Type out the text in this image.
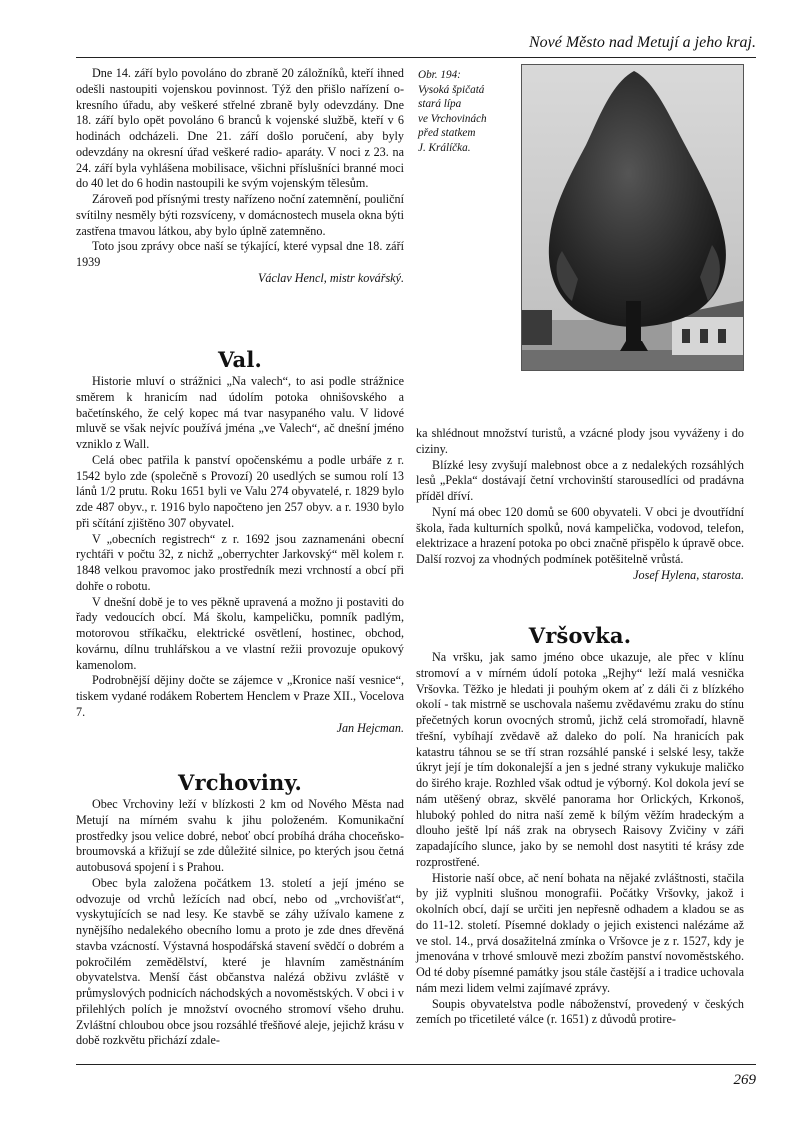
Nové Město nad Metují a jeho kraj.
Obr. 194:
Vysoká špičatá
stará lípa
ve Vrchovinách
před statkem
J. Králíčka.

Dne 14. září bylo povoláno do zbraně 20 záložníků, kteří ihned odešli nastoupiti vojenskou povinnost. Týž den přišlo nařízení o- kresního úřadu, aby veškeré střelné zbraně byly odevzdány. Dne 18. září bylo opět povoláno 6 branců k vojenské službě, kteří v 6 hodinách odcházeli. Dne 21. září došlo poručení, aby byly odevzdány na okresní úřad veškeré radio- aparáty. V noci z 23. na 24. září byla vyhlášena mobilisace, všichni příslušníci branné moci do 40 let do 6 hodin nastoupili ke svým vojenským tělesům.

Zároveň pod přísnými tresty nařízeno noční zatemnění, pouliční svítilny nesměly býti rozsvíceny, v domácnostech musela okna býti zastřena tmavou látkou, aby bylo úplně zatemněno.

Toto jsou zprávy obce naší se týkající, které vypsal dne 18. září 1939

Václav Hencl, mistr kovářský.

Val.

Historie mluví o strážnici „Na valech“, to asi podle strážnice směrem k hranicím nad údolím potoka ohnišovského a bačetínského, že celý kopec má tvar nasypaného valu. V lidové mluvě se však nejvíc používá jména „ve Valech“, ač dnešní jméno vzniklo z Wall.

Celá obec patřila k panství opočenskému a podle urbáře z r. 1542 bylo zde (společně s Provozí) 20 usedlých se sumou rolí 13 lánů 1/2 prutu. Roku 1651 byli ve Valu 274 obyvatelé, r. 1829 bylo zde 487 obyv., r. 1916 bylo napočteno jen 257 obyv. a r. 1930 bylo při sčítání zjištěno 307 obyvatel.

V „obecních registrech“ z r. 1692 jsou zaznamenáni obecní rychtáři v počtu 32, z nichž „oberrychter Jarkovský“ měl kolem r. 1848 velkou pravomoc jako prostředník mezi vrchností a obcí při dohře o robotu.

V dnešní době je to ves pěkně upravená a možno ji postaviti do řady vedoucích obcí. Má školu, kampeličku, pomník padlým, motorovou stříkačku, elektrické osvětlení, hostinec, obchod, kovárnu, dílnu truhlářskou a ve vlastní režii provozuje opukový kamenolom.

Podrobnější dějiny dočte se zájemce v „Kronice naší vesnice“, tiskem vydané rodákem Robertem Henclem v Praze XII., Vocelova 7.

Jan Hejcman.

Vrchoviny.

Obec Vrchoviny leží v blízkosti 2 km od Nového Města nad Metují na mírném svahu k jihu položeném. Komunikační prostředky jsou velice dobré, neboť obcí probíhá dráha choceňsko-broumovská a křižují se zde důležité silnice, po kterých jsou četná autobusová spojení i s Prahou.

Obec byla založena počátkem 13. století a její jméno se odvozuje od vrchů ležících nad obcí, nebo od „vrchovišťat“, vyskytujících se nad lesy. Ke stavbě se záhy užívalo kamene z nynějšího nedalekého obecního lomu a proto je zde dnes dřevěná stavba vzácností. Výstavná hospodářská stavení svědčí o dobrém a pokročilém zemědělství, které je hlavním zaměstnáním obyvatelstva. Menší část občanstva nalézá obživu zvláště v průmyslových podnicích náchodských a novoměstských. V obci i v přilehlých polích je množství ovocného stromoví všeho druhu. Zvláštní chloubou obce jsou rozsáhlé třešňové aleje, jejichž krásu v době rozkvětu přichází zdale-

ka shlédnout množství turistů, a vzácné plody jsou vyváženy i do ciziny.

Blízké lesy zvyšují malebnost obce a z nedalekých rozsáhlých lesů „Pekla“ dostávají četní vrchovinští starousedlíci od pradávna příděl dříví.

Nyní má obec 120 domů se 600 obyvateli. V obci je dvoutřídní škola, řada kulturních spolků, nová kampelička, vodovod, telefon, elektrizace a hrazení potoka po obci značně přispělo k úpravě obce. Další rozvoj za vhodných podmínek potěšitelně vrůstá.

Josef Hylena, starosta.

Vršovka.

Na vršku, jak samo jméno obce ukazuje, ale přec v klínu stromoví a v mírném údolí potoka „Rejhy“ leží malá vesnička Vršovka. Těžko je hledati ji pouhým okem ať z dáli či z blízkého okolí - tak mistrně se uschovala našemu zvědavému zraku do stínu přečetných korun ovocných stromů, jichž celá stromořadí, hlavně třešní, vybíhají zvědavě až daleko do polí. Na hranicích pak katastru táhnou se se tří stran rozsáhlé panské i selské lesy, takže úkryt její je tím dokonalejší a jen s jedné strany vykukuje maličko do širého kraje. Rozhled však odtud je výborný. Kol dokola jeví se nám utěšený obraz, skvělé panorama hor Orlických, Krkonoš, hluboký pohled do nitra naší země k bílým věžím hradeckým a dlouho ještě lpí náš zrak na obrysech Raisovy Zvičiny v záři zapadajícího slunce, jako by se nemohl dost nasytiti té krásy zde rozprostřené.

Historie naší obce, ač není bohata na nějaké zvláštnosti, stačila by již vyplniti slušnou monografii. Počátky Vršovky, jakož i okolních obcí, dají se určiti jen nepřesně odhadem a kladou se as do 11-12. století. Písemné doklady o jejich existenci nalézáme až ve stol. 14., prvá dosažitelná zmínka o Vršovce je z r. 1527, kdy je jmenována v trhové smlouvě mezi zbožím panství novoměstského. Od té doby písemné památky jsou stále častější a i tradice uchovala nám mezi lidem velmi zajímavé zprávy.

Soupis obyvatelstva podle náboženství, provedený v českých zemích po třicetileté válce (r. 1651) z důvodů protire-

269
